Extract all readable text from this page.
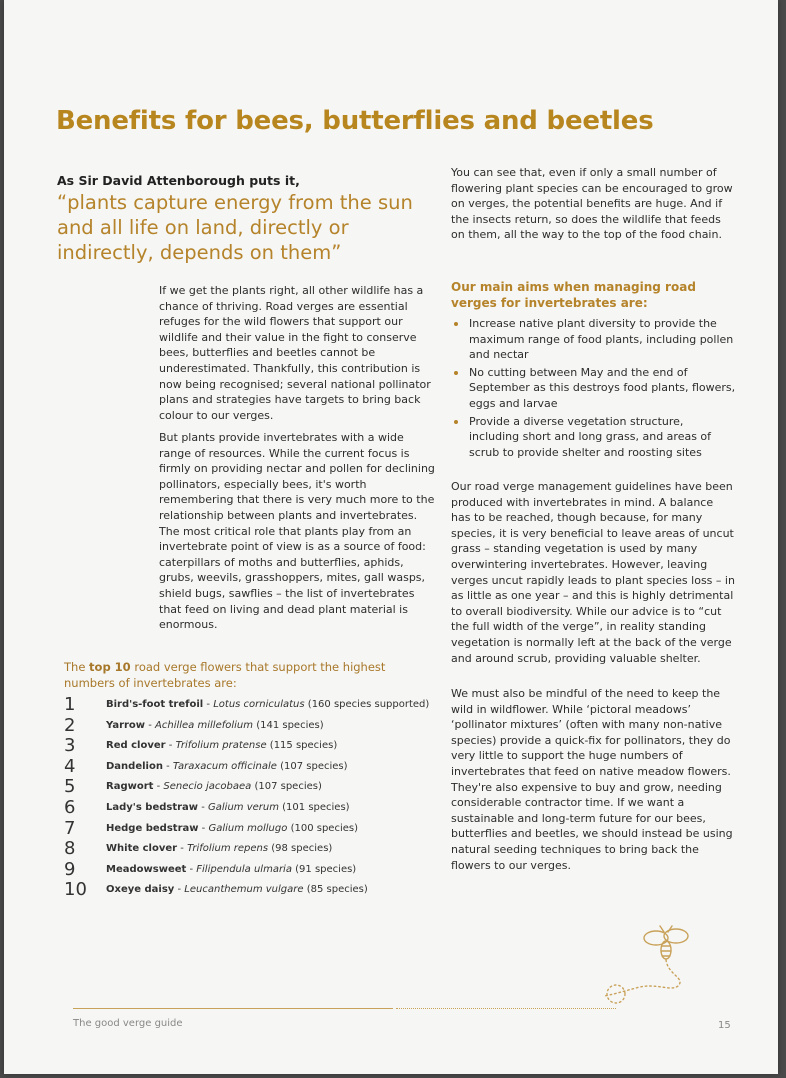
Benefits for bees, butterflies and beetles
As Sir David Attenborough puts it,
“plants capture energy from the sun and all life on land, directly or indirectly, depends on them”

If we get the plants right, all other wildlife has a chance of thriving. Road verges are essential refuges for the wild flowers that support our wildlife and their value in the fight to conserve bees, butterflies and beetles cannot be underestimated. Thankfully, this contribution is now being recognised; several national pollinator plans and strategies have targets to bring back colour to our verges.

But plants provide invertebrates with a wide range of resources. While the current focus is firmly on providing nectar and pollen for declining pollinators, especially bees, it's worth remembering that there is very much more to the relationship between plants and invertebrates. The most critical role that plants play from an invertebrate point of view is as a source of food: caterpillars of moths and butterflies, aphids, grubs, weevils, grasshoppers, mites, gall wasps, shield bugs, sawflies – the list of invertebrates that feed on living and dead plant material is enormous.

The top 10 road verge flowers that support the highest numbers of invertebrates are:
1	Bird's-foot trefoil - Lotus corniculatus (160 species supported)
2	Yarrow - Achillea millefolium (141 species)
3	Red clover - Trifolium pratense (115 species)
4	Dandelion - Taraxacum officinale (107 species)
5	Ragwort - Senecio jacobaea (107 species)
6	Lady's bedstraw - Galium verum (101 species)
7	Hedge bedstraw - Galium mollugo (100 species)
8	White clover - Trifolium repens (98 species)
9	Meadowsweet - Filipendula ulmaria (91 species)
10	Oxeye daisy - Leucanthemum vulgare (85 species)

You can see that, even if only a small number of flowering plant species can be encouraged to grow on verges, the potential benefits are huge. And if the insects return, so does the wildlife that feeds on them, all the way to the top of the food chain.

Our main aims when managing road verges for invertebrates are:
Increase native plant diversity to provide the maximum range of food plants, including pollen and nectar
No cutting between May and the end of September as this destroys food plants, flowers, eggs and larvae
Provide a diverse vegetation structure, including short and long grass, and areas of scrub to provide shelter and roosting sites

Our road verge management guidelines have been produced with invertebrates in mind. A balance has to be reached, though because, for many species, it is very beneficial to leave areas of uncut grass – standing vegetation is used by many overwintering invertebrates. However, leaving verges uncut rapidly leads to plant species loss – in as little as one year – and this is highly detrimental to overall biodiversity. While our advice is to “cut the full width of the verge”, in reality standing vegetation is normally left at the back of the verge and around scrub, providing valuable shelter.

We must also be mindful of the need to keep the wild in wildflower. While ‘pictoral meadows’ ‘pollinator mixtures’ (often with many non-native species) provide a quick-fix for pollinators, they do very little to support the huge numbers of invertebrates that feed on native meadow flowers. They're also expensive to buy and grow, needing considerable contractor time. If we want a sustainable and long-term future for our bees, butterflies and beetles, we should instead be using natural seeding techniques to bring back the flowers to our verges.

The good verge guide	15
